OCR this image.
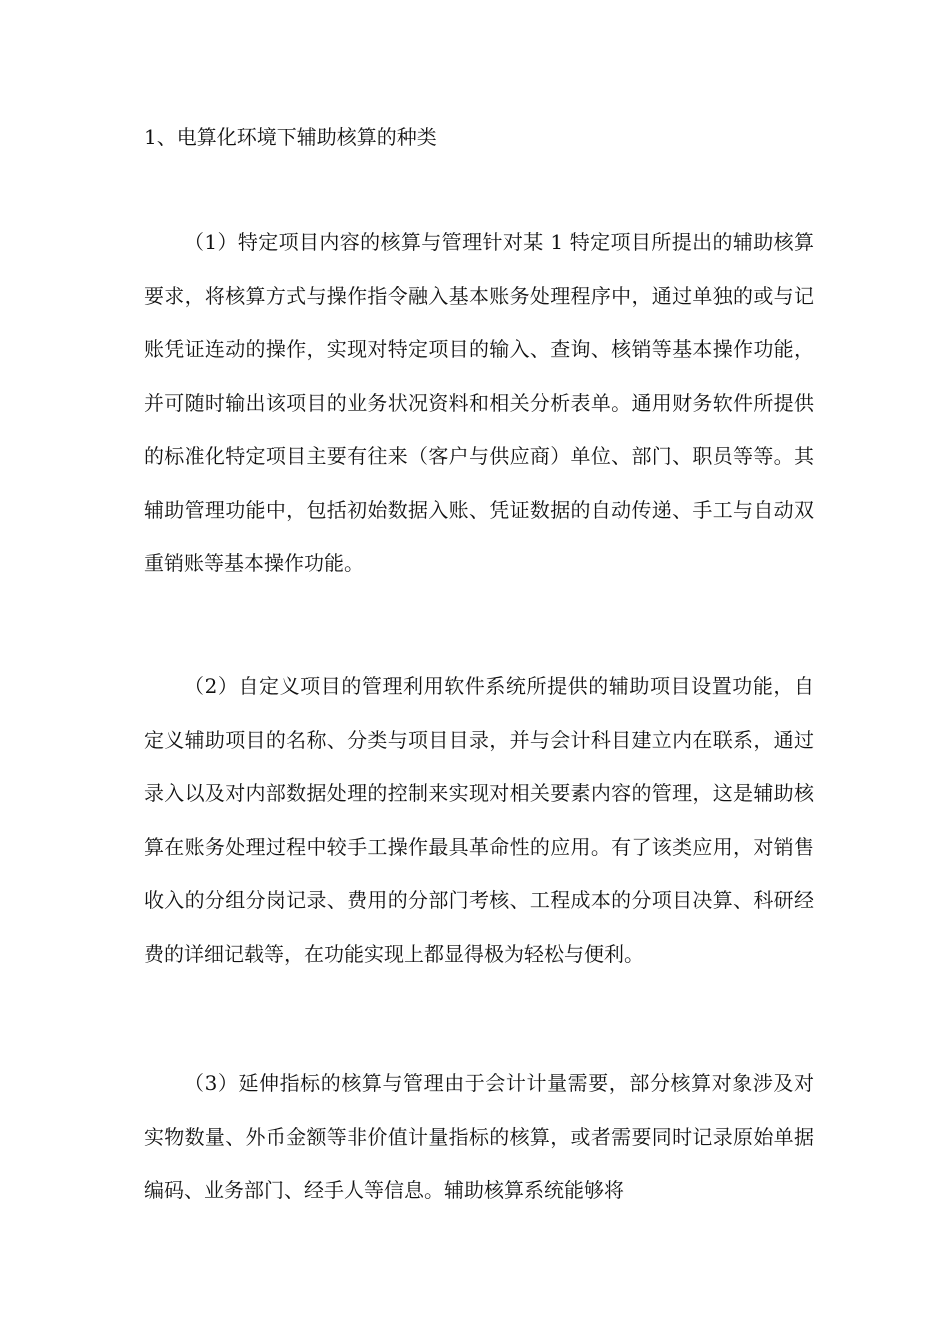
1、电算化环境下辅助核算的种类

（1）特定项目内容的核算与管理针对某 1 特定项目所提出的辅助核算要求，将核算方式与操作指令融入基本账务处理程序中，通过单独的或与记账凭证连动的操作，实现对特定项目的输入、查询、核销等基本操作功能，并可随时输出该项目的业务状况资料和相关分析表单。通用财务软件所提供的标准化特定项目主要有往来（客户与供应商）单位、部门、职员等等。其辅助管理功能中，包括初始数据入账、凭证数据的自动传递、手工与自动双重销账等基本操作功能。

（2）自定义项目的管理利用软件系统所提供的辅助项目设置功能，自定义辅助项目的名称、分类与项目目录，并与会计科目建立内在联系，通过录入以及对内部数据处理的控制来实现对相关要素内容的管理，这是辅助核算在账务处理过程中较手工操作最具革命性的应用。有了该类应用，对销售收入的分组分岗记录、费用的分部门考核、工程成本的分项目决算、科研经费的详细记载等，在功能实现上都显得极为轻松与便利。

（3）延伸指标的核算与管理由于会计计量需要，部分核算对象涉及对实物数量、外币金额等非价值计量指标的核算，或者需要同时记录原始单据编码、业务部门、经手人等信息。辅助核算系统能够将
